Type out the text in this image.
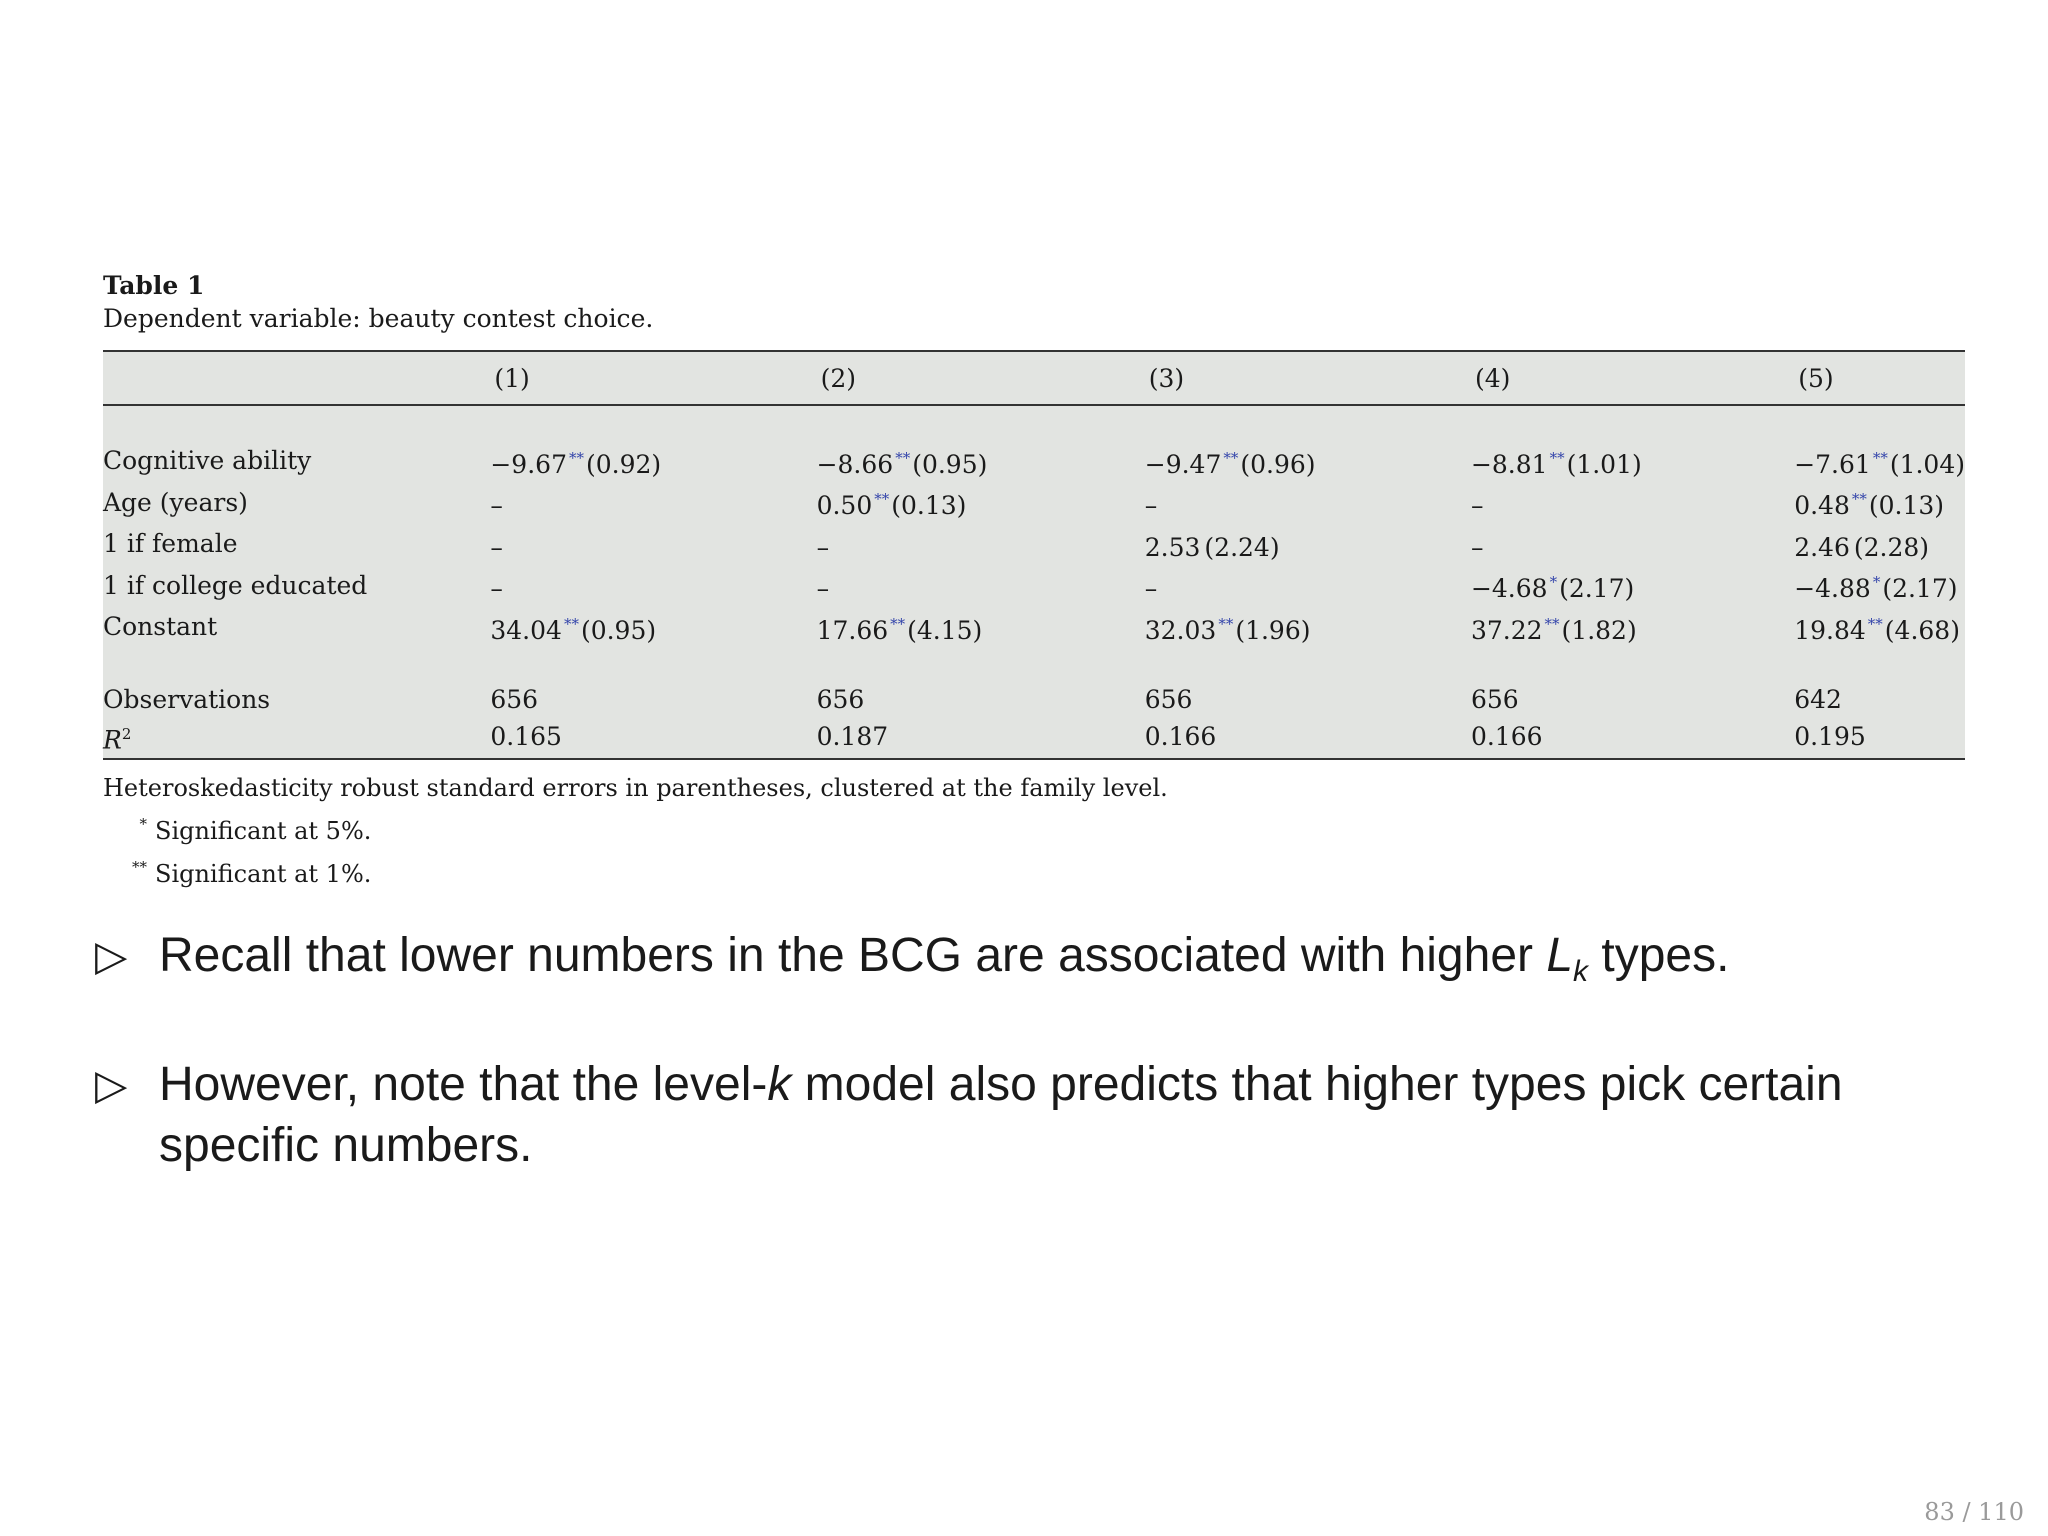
Table 1

Dependent variable: beauty contest choice.

	(1)	(2)	(3)	(4)	(5)

Cognitive ability	−9.67 **(0.92)	−8.66 **(0.95)	−9.47 **(0.96)	−8.81 **(1.01)	−7.61 **(1.04)
Age (years)	–	0.50 **(0.13)	–	–	0.48 **(0.13)
1 if female	–	–	2.53 (2.24)	–	2.46 (2.28)
1 if college educated	–	–	–	−4.68 *(2.17)	−4.88 *(2.17)
Constant	34.04 **(0.95)	17.66 **(4.15)	32.03 **(1.96)	37.22 **(1.82)	19.84 **(4.68)

Observations	656	656	656	656	642
$R^2$	0.165	0.187	0.166	0.166	0.195
Heteroskedasticity robust standard errors in parentheses, clustered at the family level.
* Significant at 5%.
** Significant at 1%.
▷ Recall that lower numbers in the BCG are associated with higher $L_k$ types.
▷ However, note that the level-k model also predicts that higher types pick certain specific numbers.
83 / 110
